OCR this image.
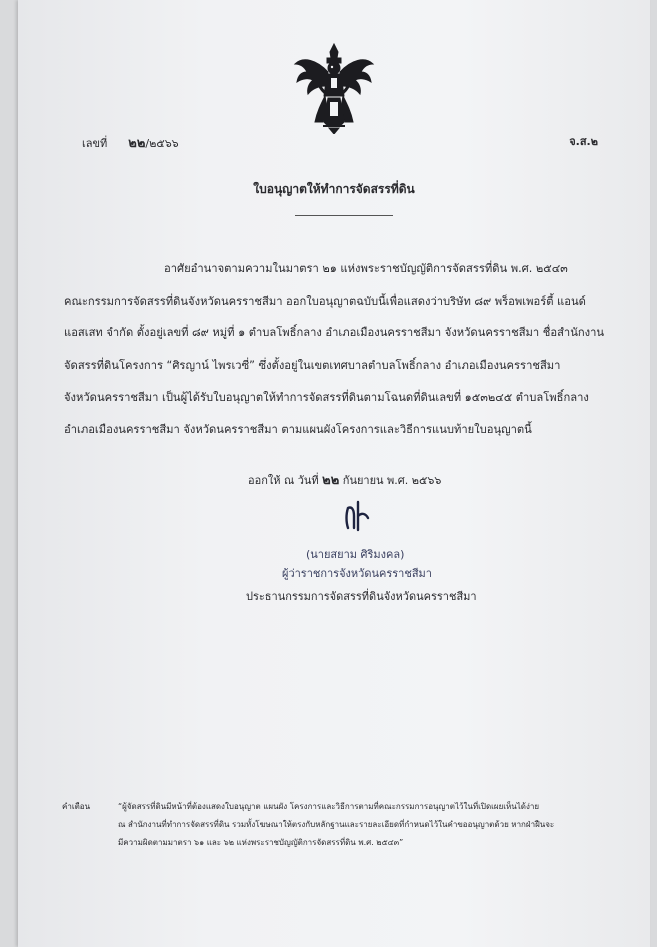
เลขที่ ๒๒/๒๕๖๖	จ.ส.๒
ใบอนุญาตให้ทำการจัดสรรที่ดิน
อาศัยอำนาจตามความในมาตรา ๒๑ แห่งพระราชบัญญัติการจัดสรรที่ดิน พ.ศ. ๒๕๔๓
คณะกรรมการจัดสรรที่ดินจังหวัดนครราชสีมา ออกใบอนุญาตฉบับนี้เพื่อแสดงว่าบริษัท ๘๙ พร็อพเพอร์ตี้ แอนด์
แอสเสท จำกัด ตั้งอยู่เลขที่ ๘๙ หมู่ที่ ๑ ตำบลโพธิ์กลาง อำเภอเมืองนครราชสีมา จังหวัดนครราชสีมา ชื่อสำนักงาน
จัดสรรที่ดินโครงการ “ศิรญาน์ ไพรเวซี่” ซึ่งตั้งอยู่ในเขตเทศบาลตำบลโพธิ์กลาง อำเภอเมืองนครราชสีมา
จังหวัดนครราชสีมา เป็นผู้ได้รับใบอนุญาตให้ทำการจัดสรรที่ดินตามโฉนดที่ดินเลขที่ ๑๕๓๒๔๕ ตำบลโพธิ์กลาง
อำเภอเมืองนครราชสีมา จังหวัดนครราชสีมา ตามแผนผังโครงการและวิธีการแนบท้ายใบอนุญาตนี้
ออกให้ ณ วันที่ ๒๒ กันยายน พ.ศ. ๒๕๖๖
(นายสยาม ศิริมงคล)
ผู้ว่าราชการจังหวัดนครราชสีมา
ประธานกรรมการจัดสรรที่ดินจังหวัดนครราชสีมา
คำเตือน	“ผู้จัดสรรที่ดินมีหน้าที่ต้องแสดงใบอนุญาต แผนผัง โครงการและวิธีการตามที่คณะกรรมการอนุญาตไว้ในที่เปิดเผยเห็นได้ง่าย
ณ สำนักงานที่ทำการจัดสรรที่ดิน รวมทั้งโฆษณาให้ตรงกับหลักฐานและรายละเอียดที่กำหนดไว้ในคำขออนุญาตด้วย หากฝ่าฝืนจะ
มีความผิดตามมาตรา ๖๑ และ ๖๒ แห่งพระราชบัญญัติการจัดสรรที่ดิน พ.ศ. ๒๕๔๓”
